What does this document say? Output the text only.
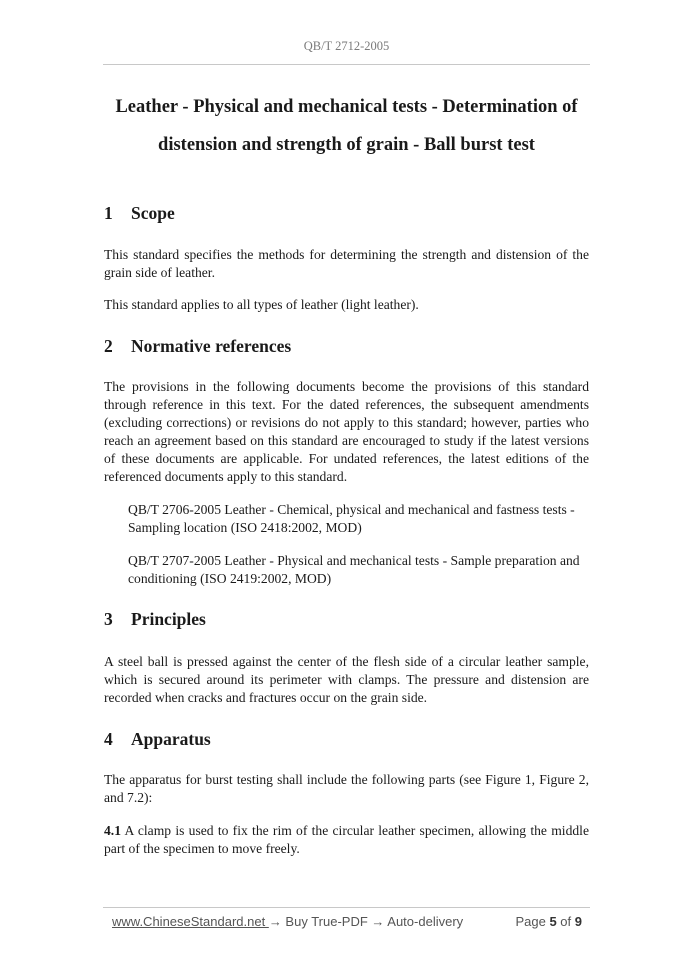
QB/T 2712-2005
Leather - Physical and mechanical tests - Determination of
distension and strength of grain - Ball burst test
1 Scope
This standard specifies the methods for determining the strength and distension of the grain side of leather.
This standard applies to all types of leather (light leather).
2 Normative references
The provisions in the following documents become the provisions of this standard through reference in this text. For the dated references, the subsequent amendments (excluding corrections) or revisions do not apply to this standard; however, parties who reach an agreement based on this standard are encouraged to study if the latest versions of these documents are applicable. For undated references, the latest editions of the referenced documents apply to this standard.
QB/T 2706-2005 Leather - Chemical, physical and mechanical and fastness tests - Sampling location (ISO 2418:2002, MOD)
QB/T 2707-2005 Leather - Physical and mechanical tests - Sample preparation and conditioning (ISO 2419:2002, MOD)
3 Principles
A steel ball is pressed against the center of the flesh side of a circular leather sample, which is secured around its perimeter with clamps. The pressure and distension are recorded when cracks and fractures occur on the grain side.
4 Apparatus
The apparatus for burst testing shall include the following parts (see Figure 1, Figure 2, and 7.2):
4.1 A clamp is used to fix the rim of the circular leather specimen, allowing the middle part of the specimen to move freely.
www.ChineseStandard.net → Buy True-PDF → Auto-delivery	Page 5 of 9
